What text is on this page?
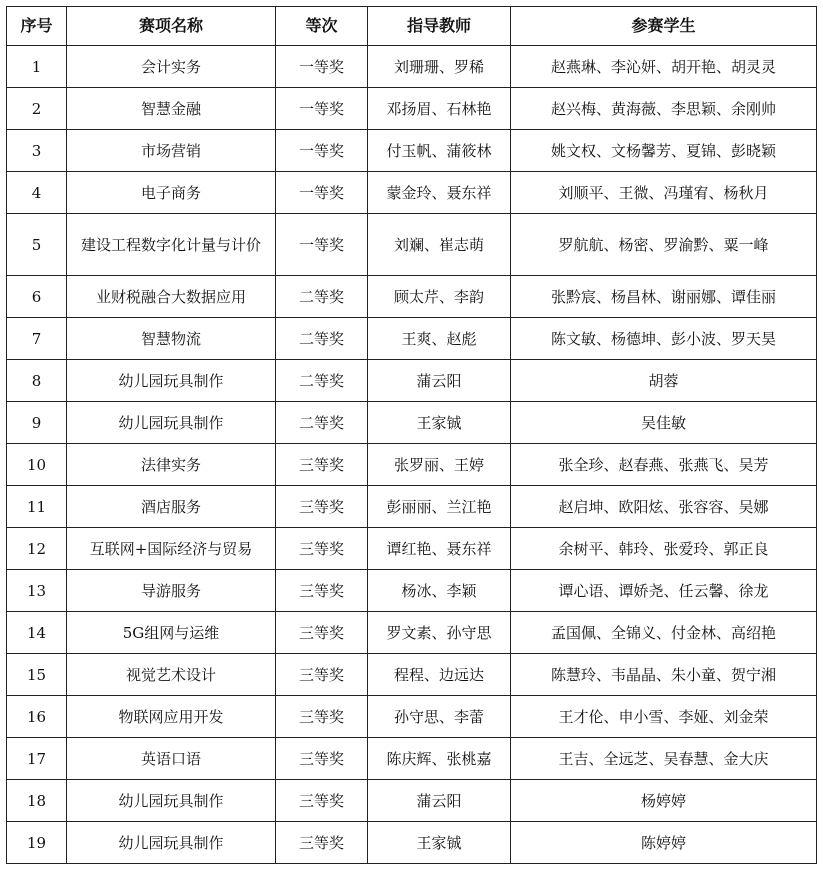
序号	赛项名称	等次	指导教师	参赛学生
1	会计实务	一等奖	刘珊珊、罗稀	赵燕琳、李沁妍、胡开艳、胡灵灵
2	智慧金融	一等奖	邓扬眉、石林艳	赵兴梅、黄海薇、李思颖、余刚帅
3	市场营销	一等奖	付玉帆、蒲筱林	姚文权、文杨馨芳、夏锦、彭晓颖
4	电子商务	一等奖	蒙金玲、聂东祥	刘顺平、王微、冯瑾宥、杨秋月
5	建设工程数字化计量与计价	一等奖	刘斓、崔志萌	罗航航、杨密、罗渝黔、粟一峰
6	业财税融合大数据应用	二等奖	顾太芹、李韵	张黔宸、杨昌林、谢丽娜、谭佳丽
7	智慧物流	二等奖	王爽、赵彪	陈文敏、杨德坤、彭小波、罗天昊
8	幼儿园玩具制作	二等奖	蒲云阳	胡蓉
9	幼儿园玩具制作	二等奖	王家铖	吴佳敏
10	法律实务	三等奖	张罗丽、王婷	张全珍、赵春燕、张燕飞、吴芳
11	酒店服务	三等奖	彭丽丽、兰江艳	赵启坤、欧阳炫、张容容、吴娜
12	互联网+国际经济与贸易	三等奖	谭红艳、聂东祥	余树平、韩玲、张爱玲、郭正良
13	导游服务	三等奖	杨冰、李颖	谭心语、谭娇尧、任云馨、徐龙
14	5G组网与运维	三等奖	罗文素、孙守思	孟国佩、全锦义、付金林、高绍艳
15	视觉艺术设计	三等奖	程程、边远达	陈慧玲、韦晶晶、朱小童、贺宁湘
16	物联网应用开发	三等奖	孙守思、李蕾	王才伦、申小雪、李娅、刘金荣
17	英语口语	三等奖	陈庆辉、张桃嘉	王吉、全远芝、吴春慧、金大庆
18	幼儿园玩具制作	三等奖	蒲云阳	杨婷婷
19	幼儿园玩具制作	三等奖	王家铖	陈婷婷
